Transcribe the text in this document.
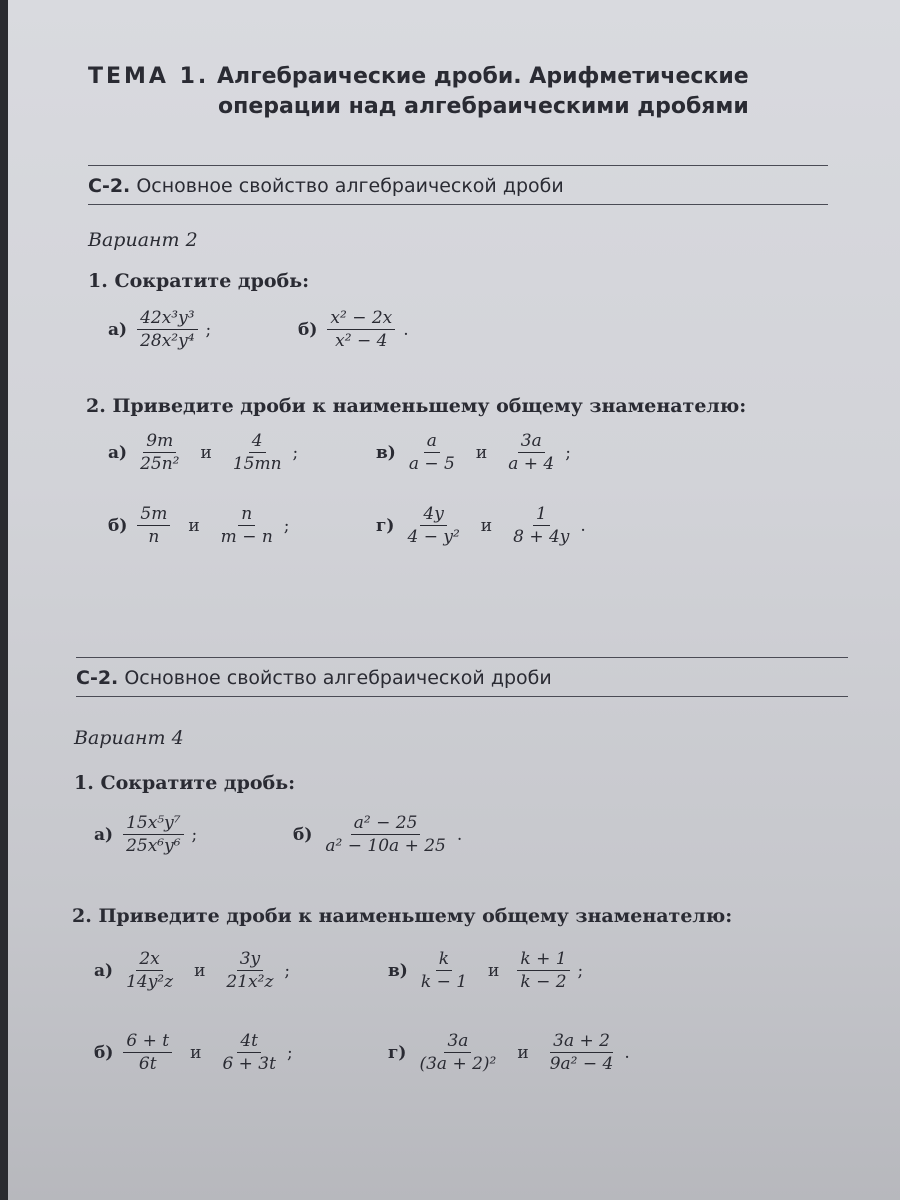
ТЕМА 1. Алгебраические дроби. Арифметические
операции над алгебраическими дробями
С-2. Основное свойство алгебраической дроби
Вариант 2
1. Сократите дробь:
$а) \frac{\text{42x³y³}}{\text{28x²y⁴}}$ ;	$б) \frac{\text{x² − 2x}}{\text{x² − 4}}$ .
2. Приведите дроби к наименьшему общему знаменателю:
$а) \frac{9m}{\text{25n²}}$ и $\frac{4}{15mn}$ ;	$в) \frac{a}{a - 5}$ и $\frac{3a}{a + 4}$ ;
$б) \frac{5m}{n}$ и $\frac{n}{m - n}$ ;	$г) \frac{4y}{\text{4 − y²}}$ и $\frac{1}{8 + 4y}$ .
С-2. Основное свойство алгебраической дроби
Вариант 4
1. Сократите дробь:
$а) \frac{\text{15x⁵y⁷}}{\text{25x⁶y⁶}}$ ;	$б) \frac{\text{a² − 25}}{\text{a² − 10a + 25}}$ .
2. Приведите дроби к наименьшему общему знаменателю:
$а) \frac{2x}{\text{14y²z}}$ и $\frac{3y}{\text{21x²z}}$ ;	$в) \frac{k}{k - 1}$ и $\frac{k + 1}{k - 2}$ ;
$б) \frac{6 + t}{6t}$ и $\frac{4t}{6 + 3t}$ ;	$г) \frac{3a}{\text{(3a + 2)²}}$ и $\frac{3a + 2}{\text{9a² − 4}}$ .
